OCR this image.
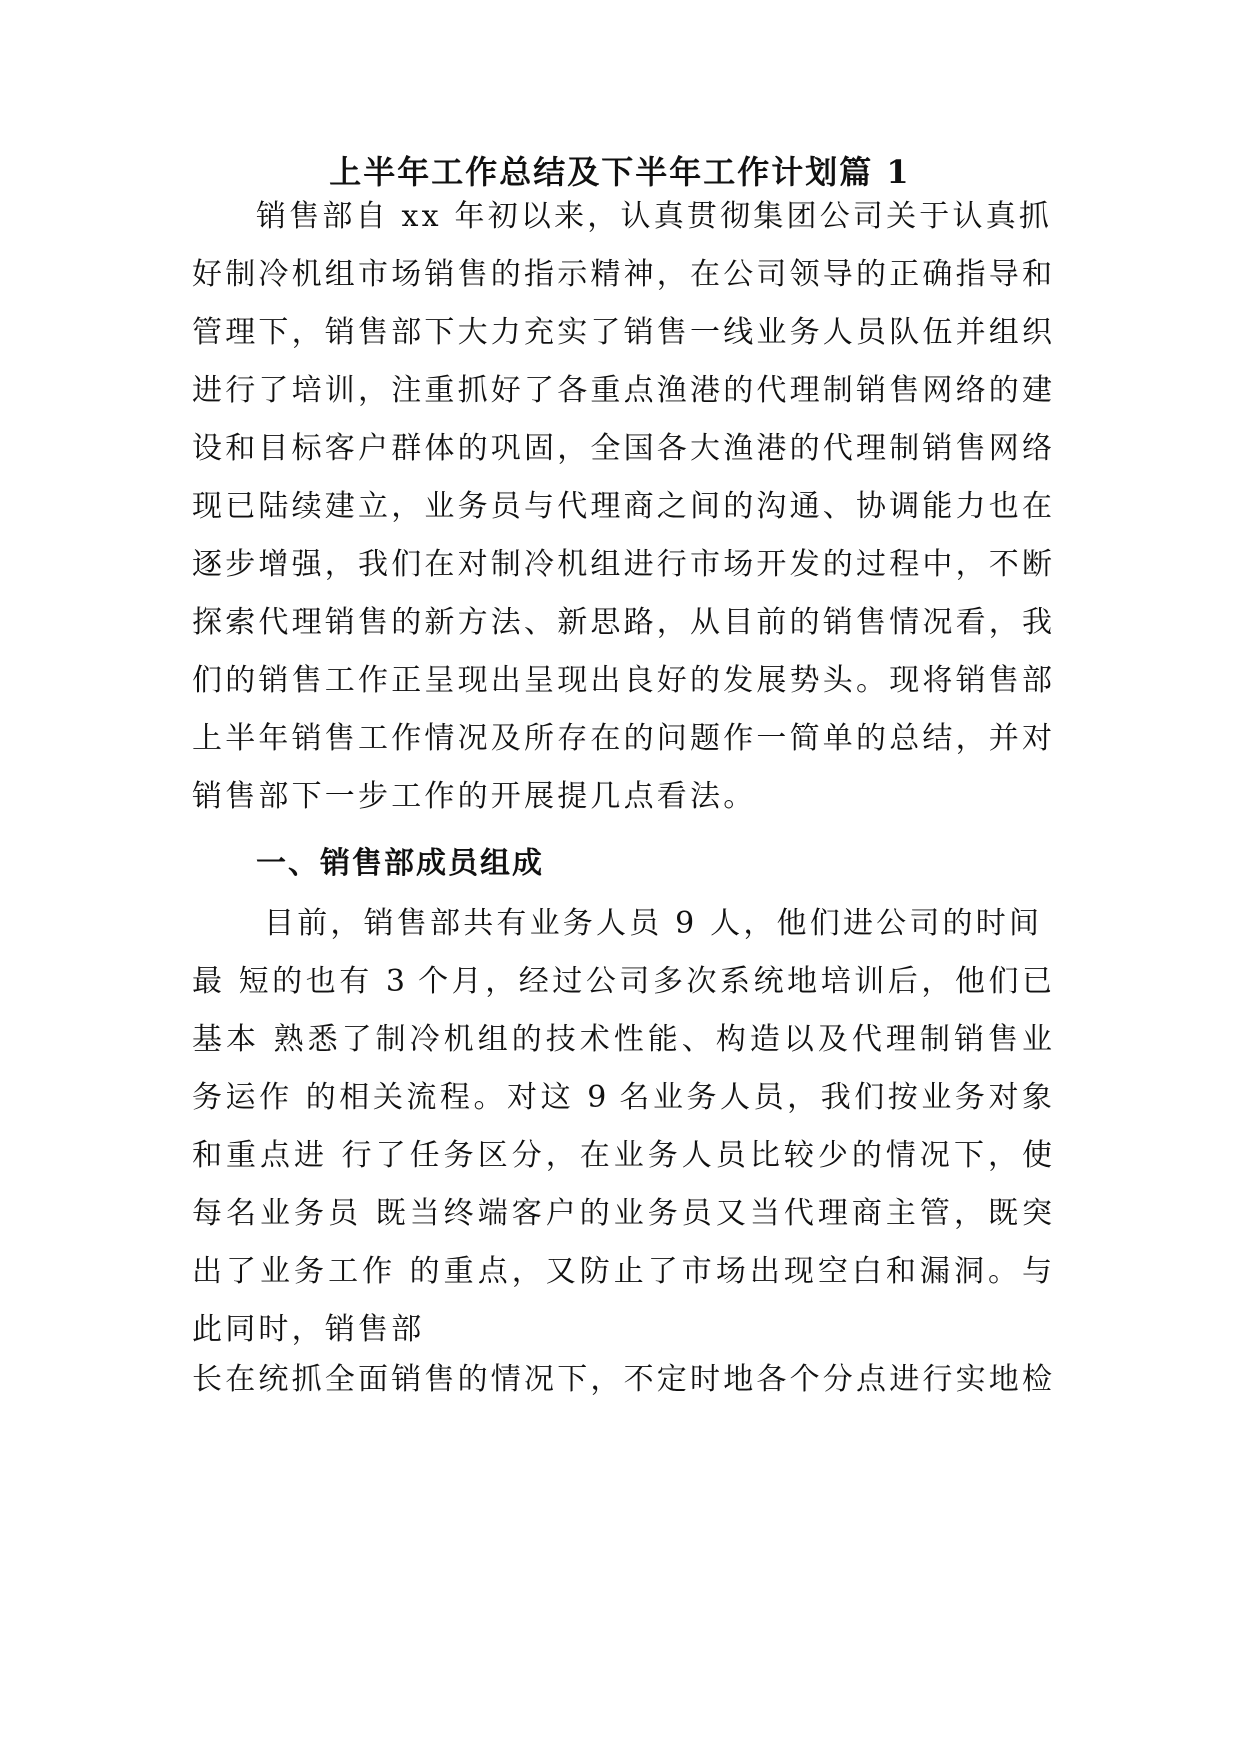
上半年工作总结及下半年工作计划篇 1
销售部自 xx 年初以来，认真贯彻集团公司关于认真抓
好制冷机组市场销售的指示精神，在公司领导的正确指导和
管理下，销售部下大力充实了销售一线业务人员队伍并组织
进行了培训，注重抓好了各重点渔港的代理制销售网络的建
设和目标客户群体的巩固，全国各大渔港的代理制销售网络
现已陆续建立，业务员与代理商之间的沟通、协调能力也在
逐步增强，我们在对制冷机组进行市场开发的过程中，不断
探索代理销售的新方法、新思路，从目前的销售情况看，我
们的销售工作正呈现出呈现出良好的发展势头。现将销售部
上半年销售工作情况及所存在的问题作一简单的总结，并对
销售部下一步工作的开展提几点看法。
一、销售部成员组成
目前，销售部共有业务人员 9 人，他们进公司的时间
最 短的也有 3 个月，经过公司多次系统地培训后，他们已
基本 熟悉了制冷机组的技术性能、构造以及代理制销售业
务运作 的相关流程。对这 9 名业务人员，我们按业务对象
和重点进 行了任务区分，在业务人员比较少的情况下，使
每名业务员 既当终端客户的业务员又当代理商主管，既突
出了业务工作 的重点，又防止了市场出现空白和漏洞。与
此同时，销售部
长在统抓全面销售的情况下，不定时地各个分点进行实地检
